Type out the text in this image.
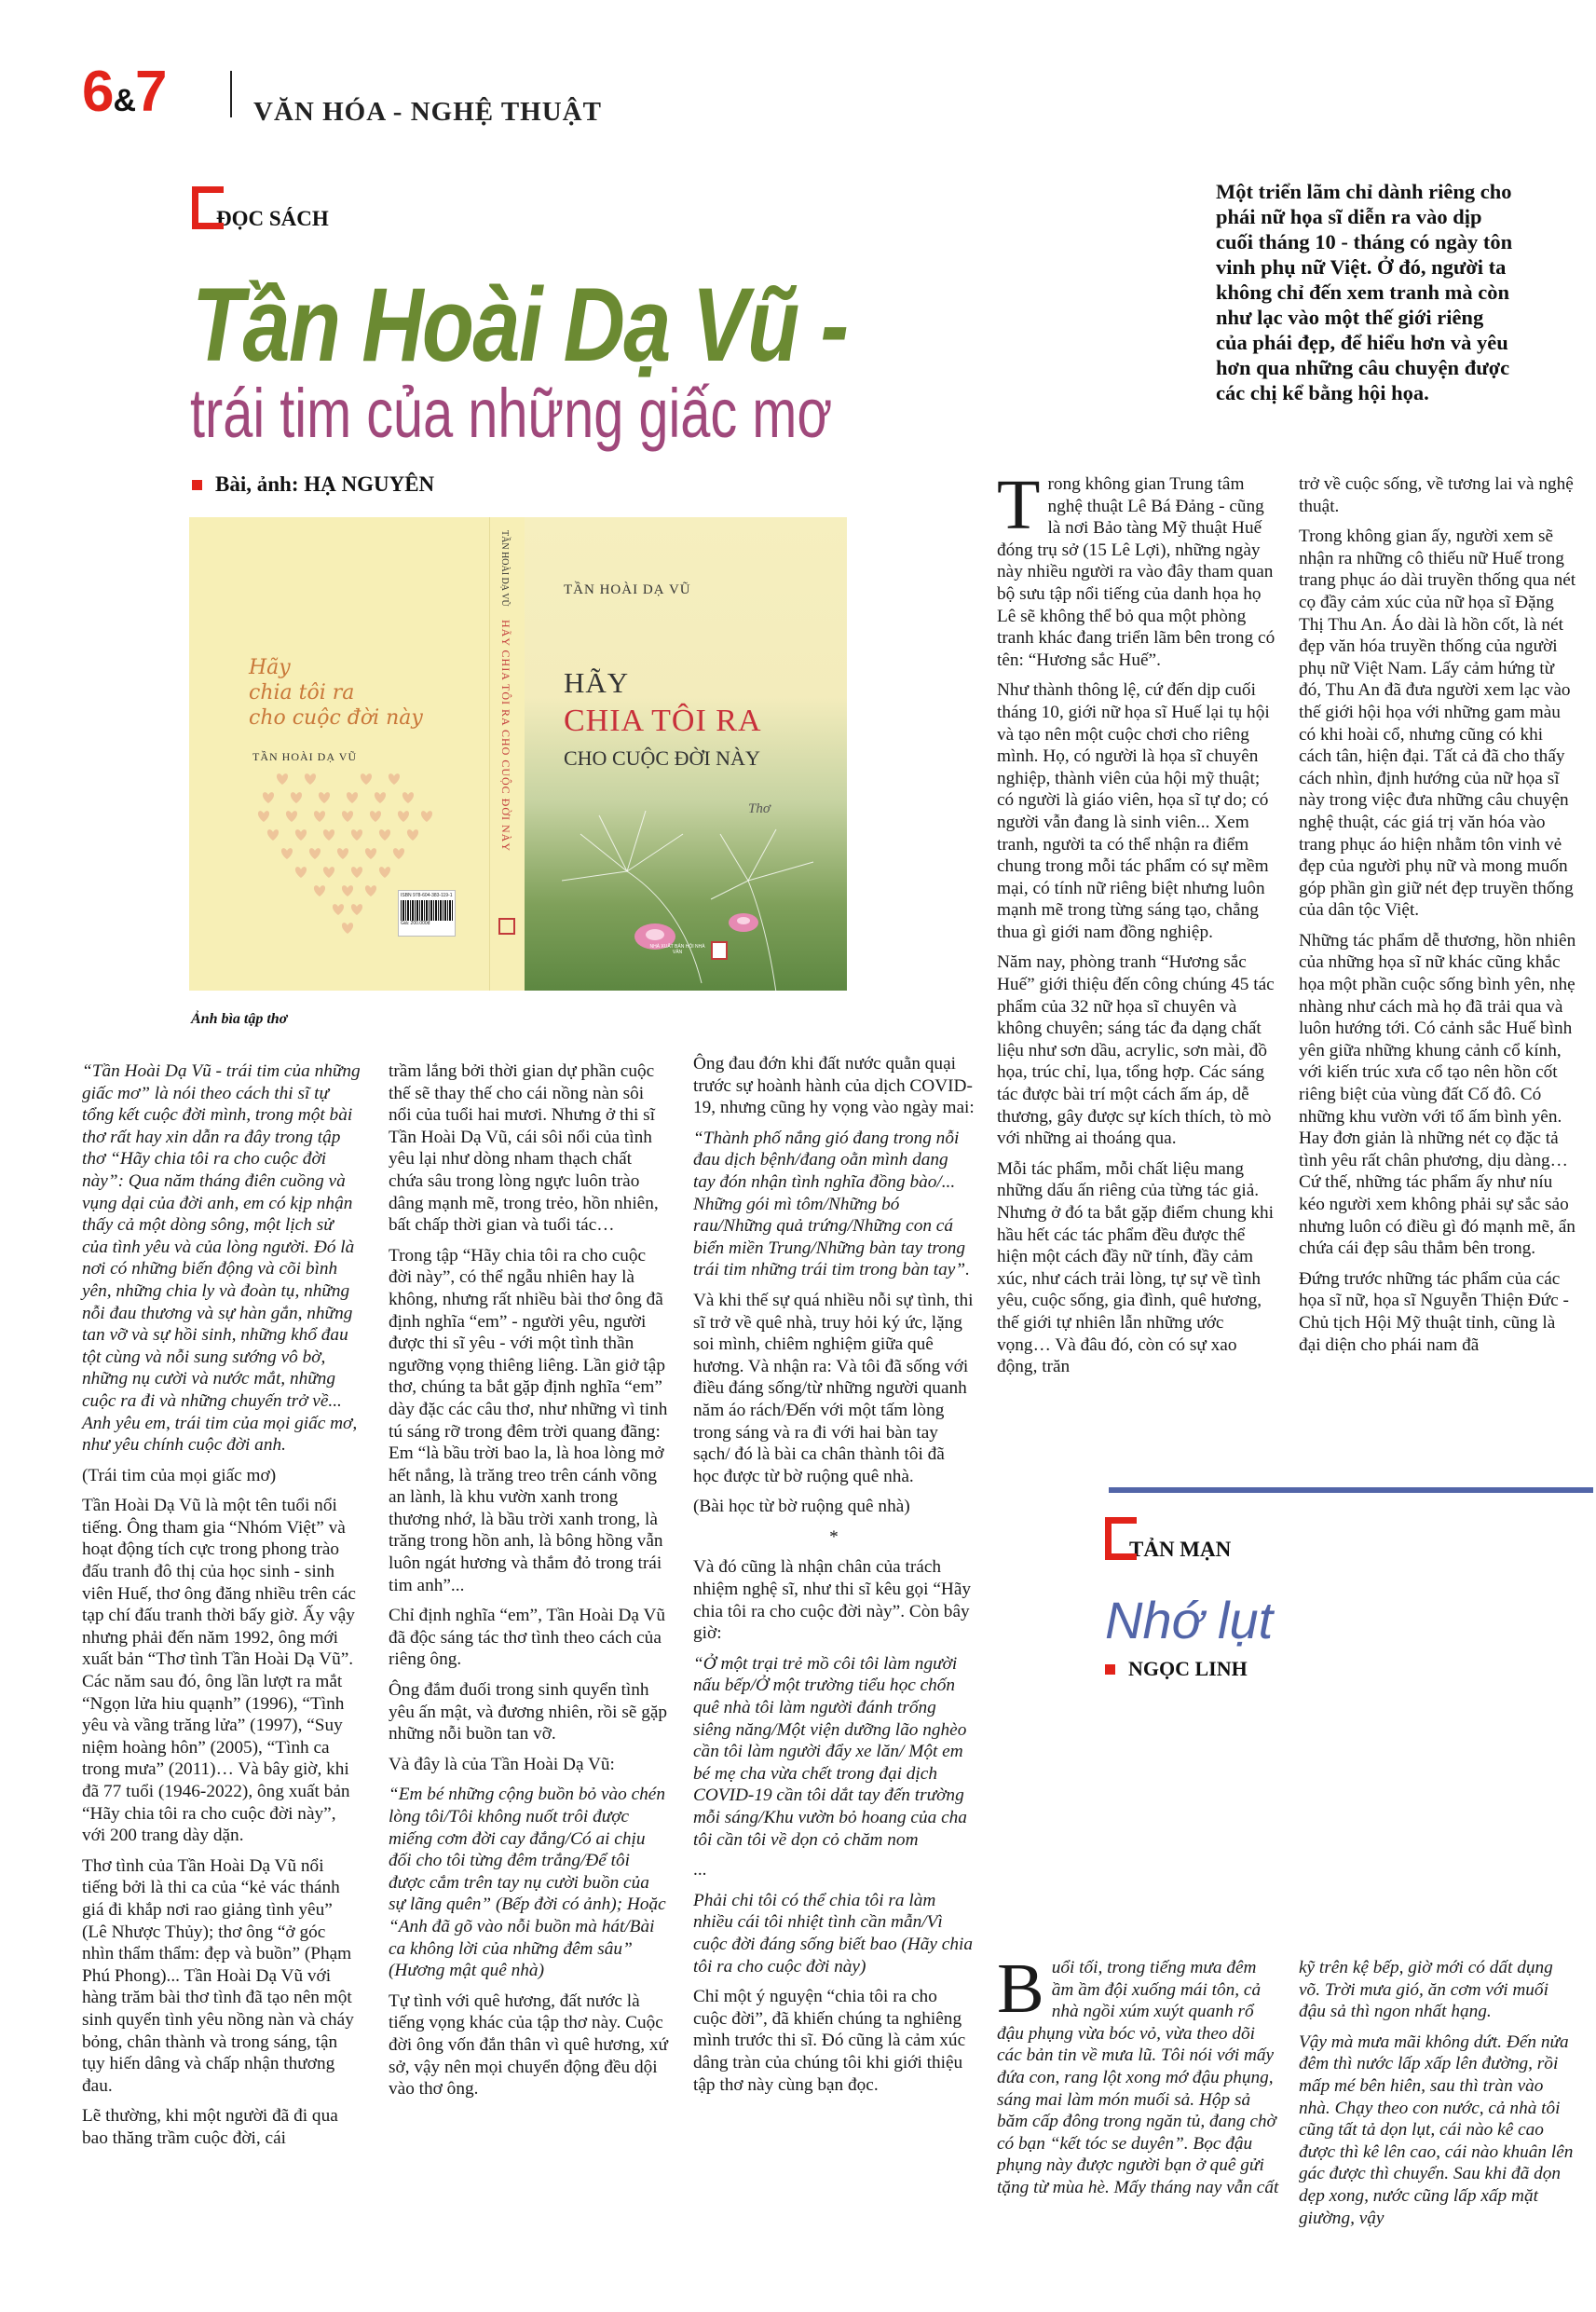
6&7	VĂN HÓA - NGHỆ THUẬT
ĐỌC SÁCH
Tần Hoài Dạ Vũ -
trái tim của những giấc mơ
Bài, ảnh: HẠ NGUYÊN
Hãy
chia tôi ra
cho cuộc đời này
TẦN HOÀI DẠ VŨ
ISBN 978-604-383-119-1
Giá: 200.000đ
TẦN HOÀI DẠ VŨ
HÃY CHIA TÔI RA CHO CUỘC ĐỜI NÀY
TẦN HOÀI DẠ VŨ
HÃY
CHIA TÔI RA
CHO CUỘC ĐỜI NÀY
Thơ
NHÀ XUẤT BẢN HỘI NHÀ VĂN
Ảnh bìa tập thơ

“Tần Hoài Dạ Vũ - trái tim của những giấc mơ” là nói theo cách thi sĩ tự tổng kết cuộc đời mình, trong một bài thơ rất hay xin dẫn ra đây trong tập thơ “Hãy chia tôi ra cho cuộc đời này”: Qua năm tháng điên cuồng và vụng dại của đời anh, em có kịp nhận thấy cả một dòng sông, một lịch sử của tình yêu và của lòng người. Đó là nơi có những biến động và cõi bình yên, những chia ly và đoàn tụ, những nỗi đau thương và sự hàn gắn, những tan vỡ và sự hồi sinh, những khổ đau tột cùng và nỗi sung sướng vô bờ, những nụ cười và nước mắt, những cuộc ra đi và những chuyến trở về... Anh yêu em, trái tim của mọi giấc mơ, như yêu chính cuộc đời anh.

(Trái tim của mọi giấc mơ)

Tần Hoài Dạ Vũ là một tên tuổi nổi tiếng. Ông tham gia “Nhóm Việt” và hoạt động tích cực trong phong trào đấu tranh đô thị của học sinh - sinh viên Huế, thơ ông đăng nhiều trên các tạp chí đấu tranh thời bấy giờ. Ấy vậy nhưng phải đến năm 1992, ông mới xuất bản “Thơ tình Tần Hoài Dạ Vũ”. Các năm sau đó, ông lần lượt ra mắt “Ngọn lửa hiu quạnh” (1996), “Tình yêu và vầng trăng lửa” (1997), “Suy niệm hoàng hôn” (2005), “Tình ca trong mưa” (2011)… Và bây giờ, khi đã 77 tuổi (1946-2022), ông xuất bản “Hãy chia tôi ra cho cuộc đời này”, với 200 trang dày dặn.

Thơ tình của Tần Hoài Dạ Vũ nổi tiếng bởi là thi ca của “kẻ vác thánh giá đi khắp nơi rao giảng tình yêu” (Lê Nhược Thủy); thơ ông “ở góc nhìn thẩm thẩm: đẹp và buồn” (Phạm Phú Phong)... Tần Hoài Dạ Vũ với hàng trăm bài thơ tình đã tạo nên một sinh quyển tình yêu nồng nàn và cháy bỏng, chân thành và trong sáng, tận tụy hiến dâng và chấp nhận thương đau.

Lẽ thường, khi một người đã đi qua bao thăng trầm cuộc đời, cái

trầm lắng bởi thời gian dự phần cuộc thế sẽ thay thế cho cái nồng nàn sôi nổi của tuổi hai mươi. Nhưng ở thi sĩ Tần Hoài Dạ Vũ, cái sôi nổi của tình yêu lại như dòng nham thạch chất chứa sâu trong lòng ngực luôn trào dâng mạnh mẽ, trong trẻo, hồn nhiên, bất chấp thời gian và tuổi tác…

Trong tập “Hãy chia tôi ra cho cuộc đời này”, có thể ngẫu nhiên hay là không, nhưng rất nhiều bài thơ ông đã định nghĩa “em” - người yêu, người được thi sĩ yêu - với một tình thần ngưỡng vọng thiêng liêng. Lần giở tập thơ, chúng ta bắt gặp định nghĩa “em” dày đặc các câu thơ, như những vì tinh tú sáng rỡ trong đêm trời quang đãng: Em “là bầu trời bao la, là hoa lòng mở hết nắng, là trăng treo trên cánh võng an lành, là khu vườn xanh trong thương nhớ, là bầu trời xanh trong, là trăng trong hồn anh, là bông hồng vẫn luôn ngát hương và thắm đỏ trong trái tim anh”...

Chỉ định nghĩa “em”, Tần Hoài Dạ Vũ đã độc sáng tác thơ tình theo cách của riêng ông.

Ông đắm đuối trong sinh quyển tình yêu ấn mật, và đương nhiên, rồi sẽ gặp những nỗi buồn tan vỡ.

Và đây là của Tần Hoài Dạ Vũ:

“Em bé những cộng buồn bỏ vào chén lòng tôi/Tôi không nuốt trôi được miếng cơm đời cay đắng/Có ai chịu đối cho tôi từng đêm trắng/Để tôi được cắm trên tay nụ cười buồn của sự lãng quên” (Bếp đời có ảnh); Hoặc “Anh đã gõ vào nỗi buồn mà hát/Bài ca không lời của những đêm sâu” (Hương mật quê nhà)

Tự tình với quê hương, đất nước là tiếng vọng khác của tập thơ này. Cuộc đời ông vốn đắn thân vì quê hương, xứ sở, vậy nên mọi chuyển động đều dội vào thơ ông.

Ông đau đớn khi đất nước quằn quại trước sự hoành hành của dịch COVID-19, nhưng cũng hy vọng vào ngày mai:

“Thành phố nắng gió đang trong nỗi đau dịch bệnh/đang oằn mình dang tay đón nhận tình nghĩa đồng bào/... Những gói mì tôm/Những bó rau/Những quả trứng/Những con cá biển miền Trung/Những bàn tay trong trái tim những trái tim trong bàn tay”.

Và khi thế sự quá nhiều nỗi sự tình, thi sĩ trở về quê nhà, truy hỏi ký ức, lặng soi mình, chiêm nghiệm giữa quê hương. Và nhận ra: Và tôi đã sống với điều đáng sống/từ những người quanh năm áo rách/Đến với một tấm lòng trong sáng và ra đi với hai bàn tay sạch/ đó là bài ca chân thành tôi đã học được từ bờ ruộng quê nhà.

(Bài học từ bờ ruộng quê nhà)

*

Và đó cũng là nhận chân của trách nhiệm nghệ sĩ, như thi sĩ kêu gọi “Hãy chia tôi ra cho cuộc đời này”. Còn bây giờ:

“Ở một trại trẻ mồ côi tôi làm người nấu bếp/Ở một trường tiểu học chốn quê nhà tôi làm người đánh trống siêng năng/Một viện dưỡng lão nghèo cần tôi làm người đẩy xe lăn/ Một em bé mẹ cha vừa chết trong đại dịch COVID-19 cần tôi dắt tay đến trường mỗi sáng/Khu vườn bỏ hoang của cha tôi cần tôi về dọn cỏ chăm nom

...

Phải chi tôi có thể chia tôi ra làm nhiều cái tôi nhiệt tình cần mẫn/Vì cuộc đời đáng sống biết bao (Hãy chia tôi ra cho cuộc đời này)

Chỉ một ý nguyện “chia tôi ra cho cuộc đời”, đã khiến chúng ta nghiêng mình trước thi sĩ. Đó cũng là cảm xúc dâng tràn của chúng tôi khi giới thiệu tập thơ này cùng bạn đọc.

Một triển lãm chỉ dành riêng cho phái nữ họa sĩ diễn ra vào dịp cuối tháng 10 - tháng có ngày tôn vinh phụ nữ Việt. Ở đó, người ta không chỉ đến xem tranh mà còn như lạc vào một thế giới riêng của phái đẹp, để hiểu hơn và yêu hơn qua những câu chuyện được các chị kể bằng hội họa.

Trong không gian Trung tâm nghệ thuật Lê Bá Đảng - cũng là nơi Bảo tàng Mỹ thuật Huế đóng trụ sở (15 Lê Lợi), những ngày này nhiều người ra vào đây tham quan bộ sưu tập nổi tiếng của danh họa họ Lê sẽ không thể bỏ qua một phòng tranh khác đang triển lãm bên trong có tên: “Hương sắc Huế”.

Như thành thông lệ, cứ đến dịp cuối tháng 10, giới nữ họa sĩ Huế lại tụ hội và tạo nên một cuộc chơi cho riêng mình. Họ, có người là họa sĩ chuyên nghiệp, thành viên của hội mỹ thuật; có người là giáo viên, họa sĩ tự do; có người vẫn đang là sinh viên... Xem tranh, người ta có thể nhận ra điểm chung trong mỗi tác phẩm có sự mềm mại, có tính nữ riêng biệt nhưng luôn mạnh mẽ trong từng sáng tạo, chẳng thua gì giới nam đồng nghiệp.

Năm nay, phòng tranh “Hương sắc Huế” giới thiệu đến công chúng 45 tác phẩm của 32 nữ họa sĩ chuyên và không chuyên; sáng tác đa dạng chất liệu như sơn dầu, acrylic, sơn mài, đồ họa, trúc chỉ, lụa, tổng hợp. Các sáng tác được bài trí một cách ấm áp, dễ thương, gây được sự kích thích, tò mò với những ai thoáng qua.

Mỗi tác phẩm, mỗi chất liệu mang những dấu ấn riêng của từng tác giả. Nhưng ở đó ta bắt gặp điểm chung khi hầu hết các tác phẩm đều được thể hiện một cách đầy nữ tính, đầy cảm xúc, như cách trải lòng, tự sự về tình yêu, cuộc sống, gia đình, quê hương, thế giới tự nhiên lẫn những ước vọng… Và đâu đó, còn có sự xao động, trăn

trở về cuộc sống, về tương lai và nghệ thuật.

Trong không gian ấy, người xem sẽ nhận ra những cô thiếu nữ Huế trong trang phục áo dài truyền thống qua nét cọ đầy cảm xúc của nữ họa sĩ Đặng Thị Thu An. Áo dài là hồn cốt, là nét đẹp văn hóa truyền thống của người phụ nữ Việt Nam. Lấy cảm hứng từ đó, Thu An đã đưa người xem lạc vào thế giới hội họa với những gam màu có khi hoài cổ, nhưng cũng có khi cách tân, hiện đại. Tất cả đã cho thấy cách nhìn, định hướng của nữ họa sĩ này trong việc đưa những câu chuyện nghệ thuật, các giá trị văn hóa vào trang phục áo hiện nhằm tôn vinh vẻ đẹp của người phụ nữ và mong muốn góp phần gìn giữ nét đẹp truyền thống của dân tộc Việt.

Những tác phẩm dễ thương, hồn nhiên của những họa sĩ nữ khác cũng khắc họa một phần cuộc sống bình yên, nhẹ nhàng như cách mà họ đã trải qua và luôn hướng tới. Có cảnh sắc Huế bình yên giữa những khung cảnh cổ kính, với kiến trúc xưa cổ tạo nên hồn cốt riêng biệt của vùng đất Cố đô. Có những khu vườn với tổ ấm bình yên. Hay đơn giản là những nét cọ đặc tả tình yêu rất chân phương, dịu dàng… Cứ thế, những tác phẩm ấy như níu kéo người xem không phải sự sắc sảo nhưng luôn có điều gì đó mạnh mẽ, ẩn chứa cái đẹp sâu thẳm bên trong.

Đứng trước những tác phẩm của các họa sĩ nữ, họa sĩ Nguyễn Thiện Đức - Chủ tịch Hội Mỹ thuật tỉnh, cũng là đại diện cho phái nam đã

TẢN MẠN
Nhớ lụt
NGỌC LINH

Buổi tối, trong tiếng mưa đêm ầm ầm đội xuống mái tôn, cả nhà ngồi xúm xuýt quanh rổ đậu phụng vừa bóc vỏ, vừa theo dõi các bản tin về mưa lũ. Tôi nói với mấy đứa con, rang lột xong mớ đậu phụng, sáng mai làm món muối sả. Hộp sả băm cấp đông trong ngăn tủ, đang chờ có bạn “kết tóc se duyên”. Bọc đậu phụng này được người bạn ở quê gửi tặng từ mùa hè. Mấy tháng nay vẫn cất

kỹ trên kệ bếp, giờ mới có dất dụng võ. Trời mưa gió, ăn cơm với muối đậu sả thì ngon nhất hạng.

Vậy mà mưa mãi không dứt. Đến nửa đêm thì nước lấp xấp lên đường, rồi mấp mé bên hiên, sau thì tràn vào nhà. Chạy theo con nước, cả nhà tôi cũng tất tả dọn lụt, cái nào kê cao được thì kê lên cao, cái nào khuân lên gác được thì chuyển. Sau khi đã dọn dẹp xong, nước cũng lấp xấp mặt giường, vậy
